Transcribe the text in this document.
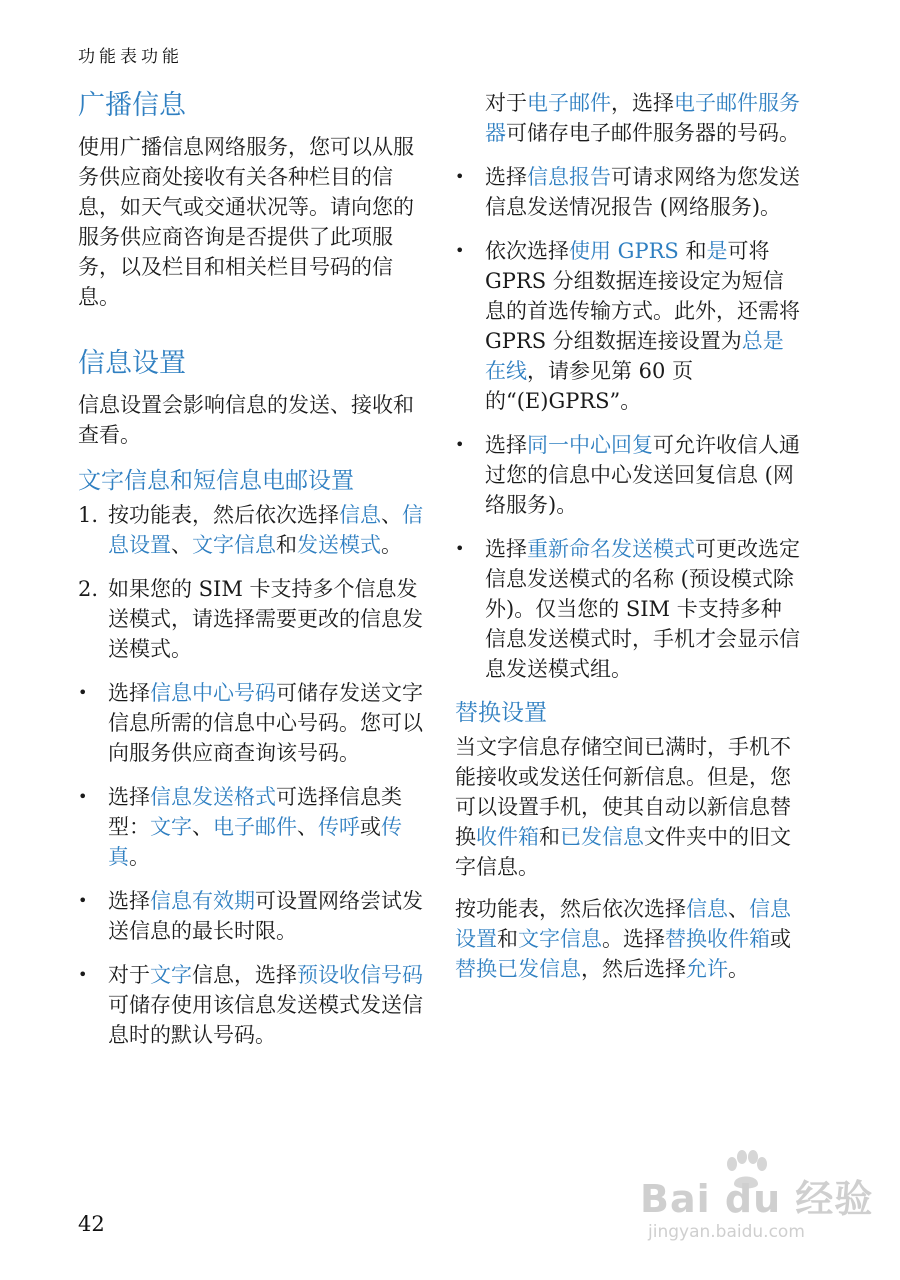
功能表功能
广播信息

使用广播信息网络服务，您可以从服务供应商处接收有关各种栏目的信息，如天气或交通状况等。请向您的服务供应商咨询是否提供了此项服务，以及栏目和相关栏目号码的信息。

信息设置

信息设置会影响信息的发送、接收和查看。

文字信息和短信息电邮设置
1. 按功能表，然后依次选择信息、信息设置、文字信息和发送模式。
2. 如果您的 SIM 卡支持多个信息发送模式，请选择需要更改的信息发送模式。
• 选择信息中心号码可储存发送文字信息所需的信息中心号码。您可以向服务供应商查询该号码。
• 选择信息发送格式可选择信息类型：文字、电子邮件、传呼或传真。
• 选择信息有效期可设置网络尝试发送信息的最长时限。
• 对于文字信息，选择预设收信号码可储存使用该信息发送模式发送信息时的默认号码。
对于电子邮件，选择电子邮件服务器可储存电子邮件服务器的号码。
• 选择信息报告可请求网络为您发送信息发送情况报告 (网络服务)。
• 依次选择使用 GPRS 和是可将 GPRS 分组数据连接设定为短信息的首选传输方式。此外，还需将 GPRS 分组数据连接设置为总是在线，请参见第 60 页的“(E)GPRS”。
• 选择同一中心回复可允许收信人通过您的信息中心发送回复信息 (网络服务)。
• 选择重新命名发送模式可更改选定信息发送模式的名称 (预设模式除外)。仅当您的 SIM 卡支持多种信息发送模式时，手机才会显示信息发送模式组。
替换设置

当文字信息存储空间已满时，手机不能接收或发送任何新信息。但是，您可以设置手机，使其自动以新信息替换收件箱和已发信息文件夹中的旧文字信息。

按功能表，然后依次选择信息、信息设置和文字信息。选择替换收件箱或替换已发信息，然后选择允许。

42
Bai du 经验
jingyan.baidu.com
